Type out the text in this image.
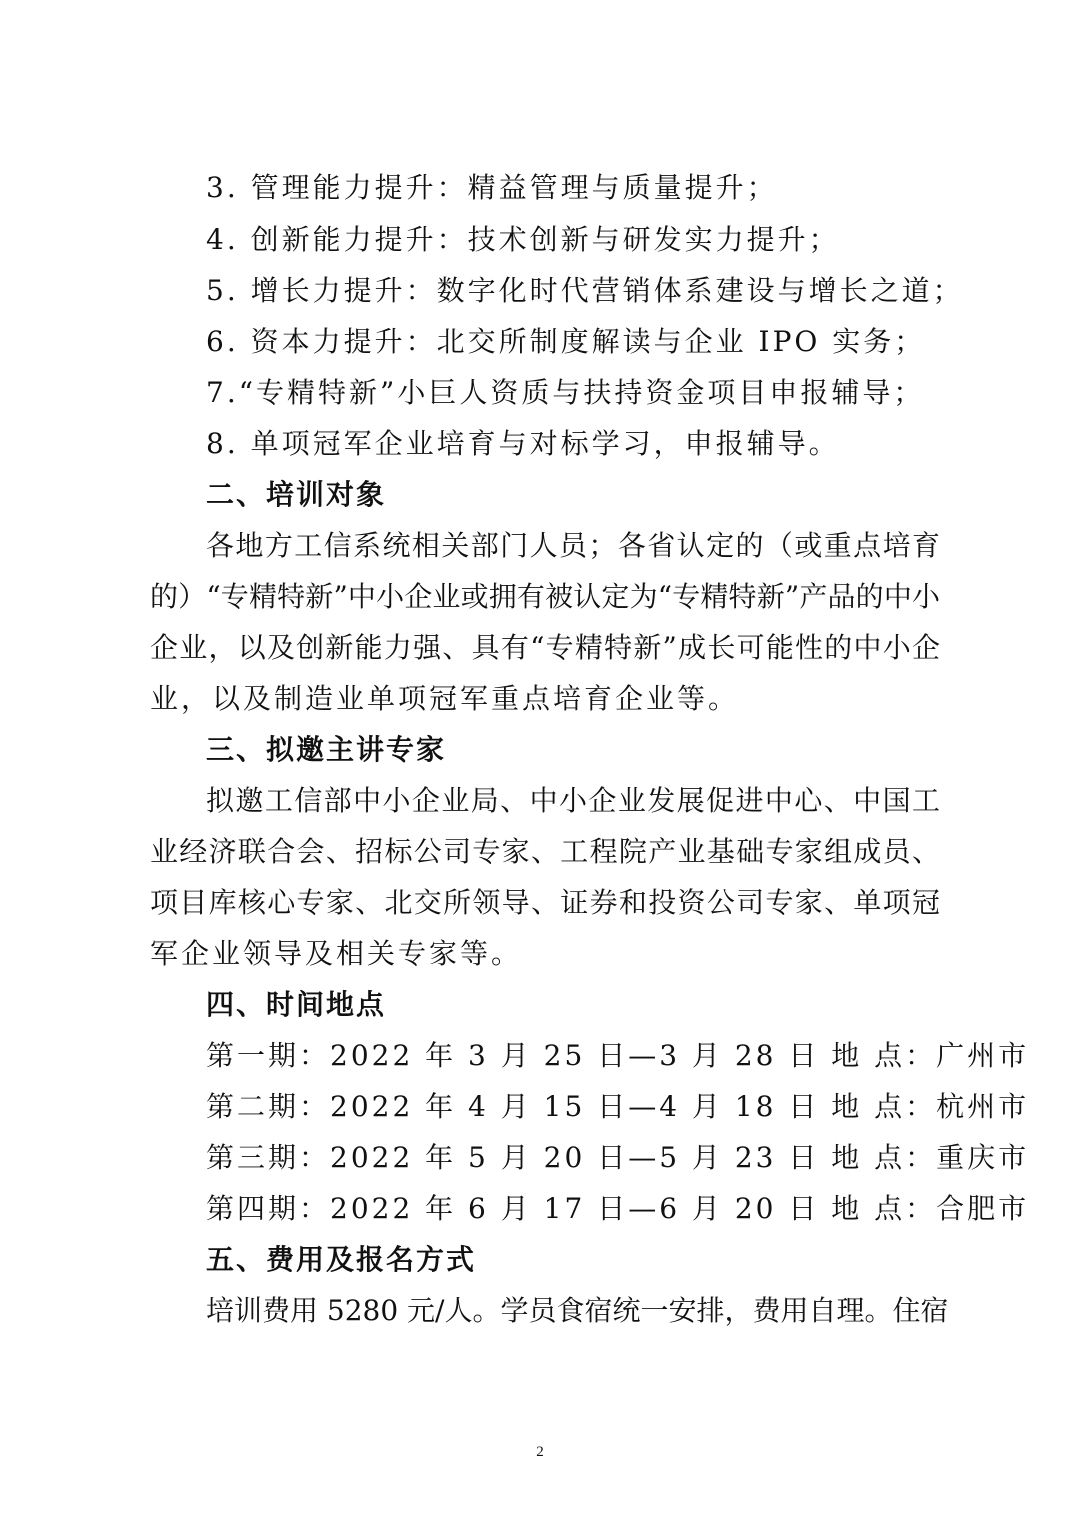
3. 管理能力提升：精益管理与质量提升；
4. 创新能力提升：技术创新与研发实力提升；
5. 增长力提升：数字化时代营销体系建设与增长之道；
6. 资本力提升：北交所制度解读与企业 IPO 实务；
7.“专精特新”小巨人资质与扶持资金项目申报辅导；
8. 单项冠军企业培育与对标学习，申报辅导。
二、培训对象
各地方工信系统相关部门人员；各省认定的（或重点培育
的）“专精特新”中小企业或拥有被认定为“专精特新”产品的中小
企业，以及创新能力强、具有“专精特新”成长可能性的中小企
业，以及制造业单项冠军重点培育企业等。
三、拟邀主讲专家
拟邀工信部中小企业局、中小企业发展促进中心、中国工
业经济联合会、招标公司专家、工程院产业基础专家组成员、
项目库核心专家、北交所领导、证券和投资公司专家、单项冠
军企业领导及相关专家等。
四、时间地点
第一期：2022 年 3 月 25 日—3 月 28 日 地 点：广州市
第二期：2022 年 4 月 15 日—4 月 18 日 地 点：杭州市
第三期：2022 年 5 月 20 日—5 月 23 日 地 点：重庆市
第四期：2022 年 6 月 17 日—6 月 20 日 地 点：合肥市
五、费用及报名方式
培训费用 5280 元/人。学员食宿统一安排，费用自理。住宿
2
